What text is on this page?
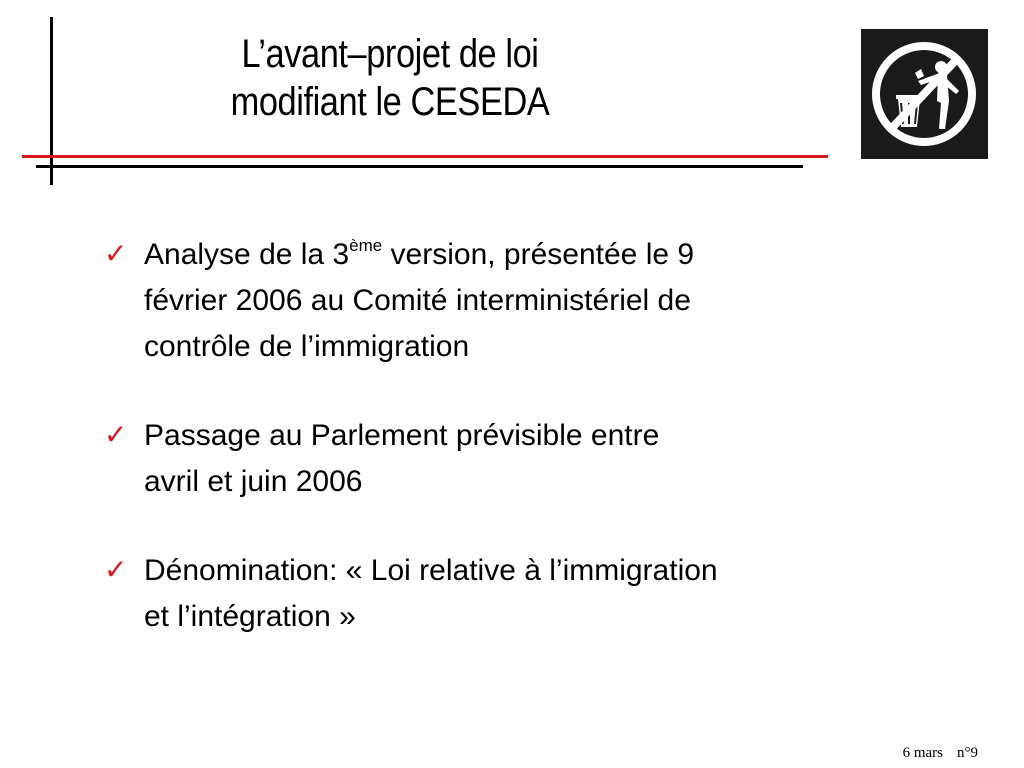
L’avant–projet de loi
modifiant le CESEDA
✓ Analyse de la 3ème version, présentée le 9
février 2006 au Comité interministériel de
contrôle de l’immigration
✓ Passage au Parlement prévisible entre
avril et juin 2006
✓ Dénomination: « Loi relative à l’immigration
et l’intégration »
6 mars n°9
